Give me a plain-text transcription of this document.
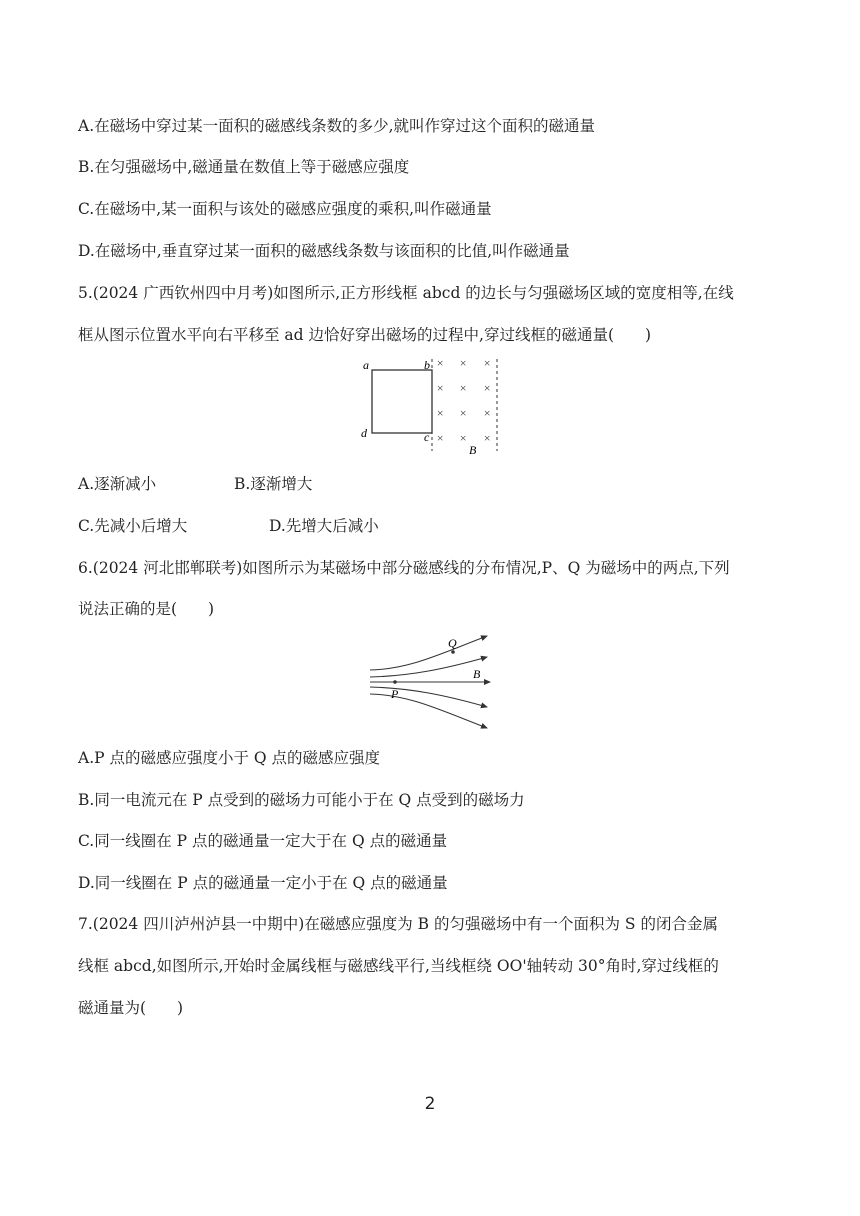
A.在磁场中穿过某一面积的磁感线条数的多少,就叫作穿过这个面积的磁通量
B.在匀强磁场中,磁通量在数值上等于磁感应强度
C.在磁场中,某一面积与该处的磁感应强度的乘积,叫作磁通量
D.在磁场中,垂直穿过某一面积的磁感线条数与该面积的比值,叫作磁通量
5.(2024 广西钦州四中月考)如图所示,正方形线框 abcd 的边长与匀强磁场区域的宽度相等,在线
框从图示位置水平向右平移至 ad 边恰好穿出磁场的过程中,穿过线框的磁通量(　　)
a	b
c
d
B
× × ×
× × ×
× × ×
× × ×
A.逐渐减小	B.逐渐增大
C.先减小后增大	D.先增大后减小
6.(2024 河北邯郸联考)如图所示为某磁场中部分磁感线的分布情况,P、Q 为磁场中的两点,下列
说法正确的是(　　)
Q
P
B
A.P 点的磁感应强度小于 Q 点的磁感应强度
B.同一电流元在 P 点受到的磁场力可能小于在 Q 点受到的磁场力
C.同一线圈在 P 点的磁通量一定大于在 Q 点的磁通量
D.同一线圈在 P 点的磁通量一定小于在 Q 点的磁通量
7.(2024 四川泸州泸县一中期中)在磁感应强度为 B 的匀强磁场中有一个面积为 S 的闭合金属
线框 abcd,如图所示,开始时金属线框与磁感线平行,当线框绕 OO'轴转动 30°角时,穿过线框的
磁通量为(　　)
2
